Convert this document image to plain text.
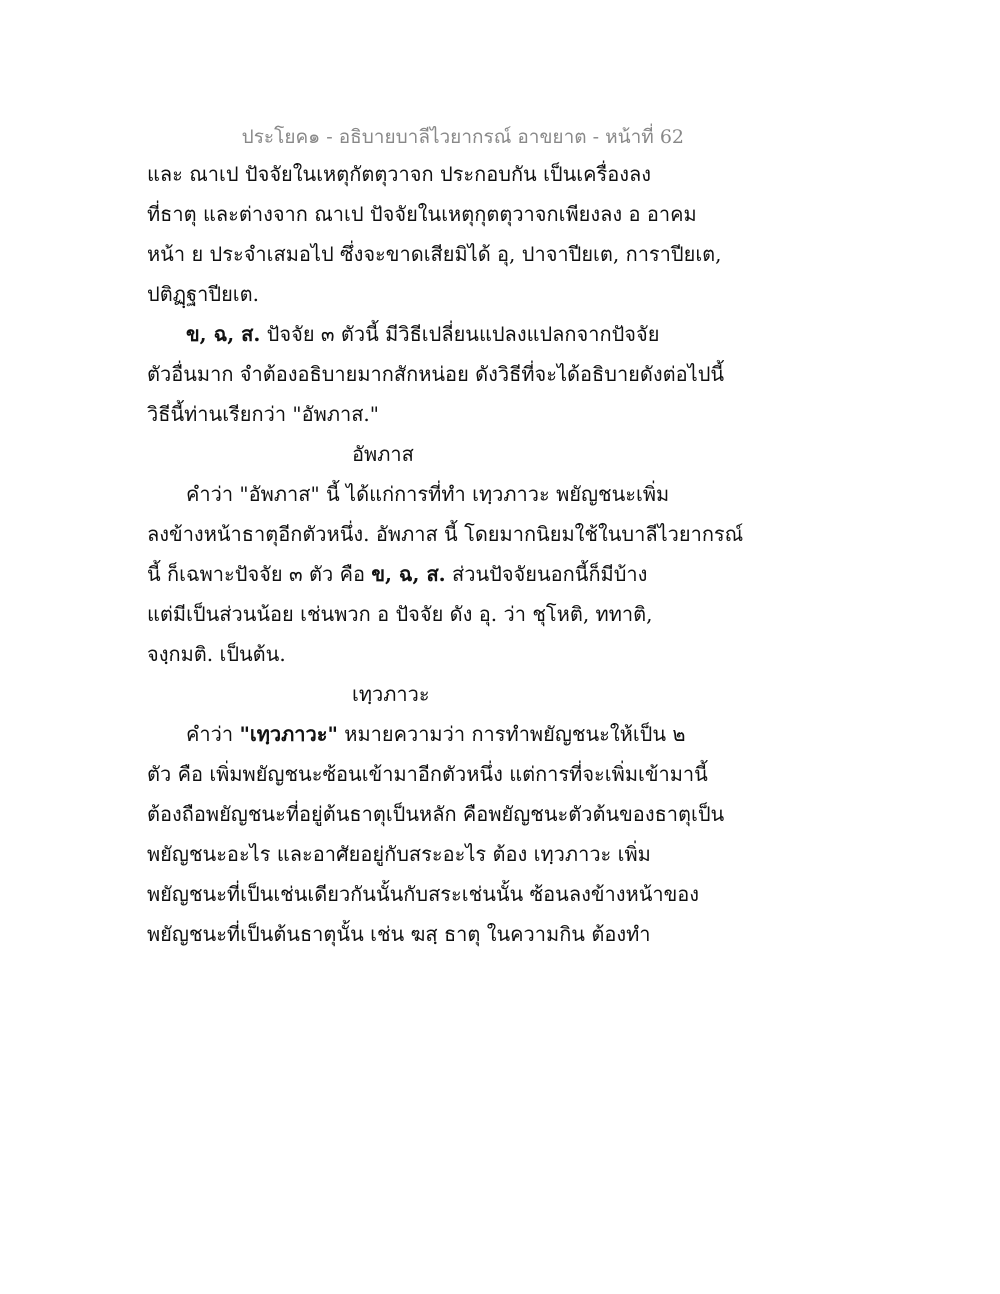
ประโยค๑ - อธิบายบาลีไวยากรณ์ อาขยาต - หน้าที่ 62
และ ณาเป ปัจจัยในเหตุกัตตุวาจก ประกอบกัน เป็นเครื่องลง
ที่ธาตุ และต่างจาก ณาเป ปัจจัยในเหตุกุตตุวาจกเพียงลง อ อาคม
หน้า ย ประจำเสมอไป ซึ่งจะขาดเสียมิได้ อุ, ปาจาปียเต, การาปียเต,
ปติฏฺฐาปียเต.
ข, ฉ, ส. ปัจจัย ๓ ตัวนี้ มีวิธีเปลี่ยนแปลงแปลกจากปัจจัย
ตัวอื่นมาก จำต้องอธิบายมากสักหน่อย ดังวิธีที่จะได้อธิบายดังต่อไปนี้
วิธีนี้ท่านเรียกว่า "อัพภาส."
อัพภาส
คำว่า "อัพภาส" นี้ ได้แก่การที่ทำ เทฺวภาวะ พยัญชนะเพิ่ม
ลงข้างหน้าธาตุอีกตัวหนึ่ง. อัพภาส นี้ โดยมากนิยมใช้ในบาลีไวยากรณ์
นี้ ก็เฉพาะปัจจัย ๓ ตัว คือ ข, ฉ, ส. ส่วนปัจจัยนอกนี้ก็มีบ้าง
แต่มีเป็นส่วนน้อย เช่นพวก อ ปัจจัย ดัง อุ. ว่า ชุโหติ, ททาติ,
จงฺกมติ. เป็นต้น.
เทฺวภาวะ
คำว่า "เทฺวภาวะ" หมายความว่า การทำพยัญชนะให้เป็น ๒
ตัว คือ เพิ่มพยัญชนะซ้อนเข้ามาอีกตัวหนึ่ง แต่การที่จะเพิ่มเข้ามานี้
ต้องถือพยัญชนะที่อยู่ต้นธาตุเป็นหลัก คือพยัญชนะตัวต้นของธาตุเป็น
พยัญชนะอะไร และอาศัยอยู่กับสระอะไร ต้อง เทฺวภาวะ เพิ่ม
พยัญชนะที่เป็นเช่นเดียวกันนั้นกับสระเช่นนั้น ซ้อนลงข้างหน้าของ
พยัญชนะที่เป็นต้นธาตุนั้น เช่น ฆสฺ ธาตุ ในความกิน ต้องทำ
